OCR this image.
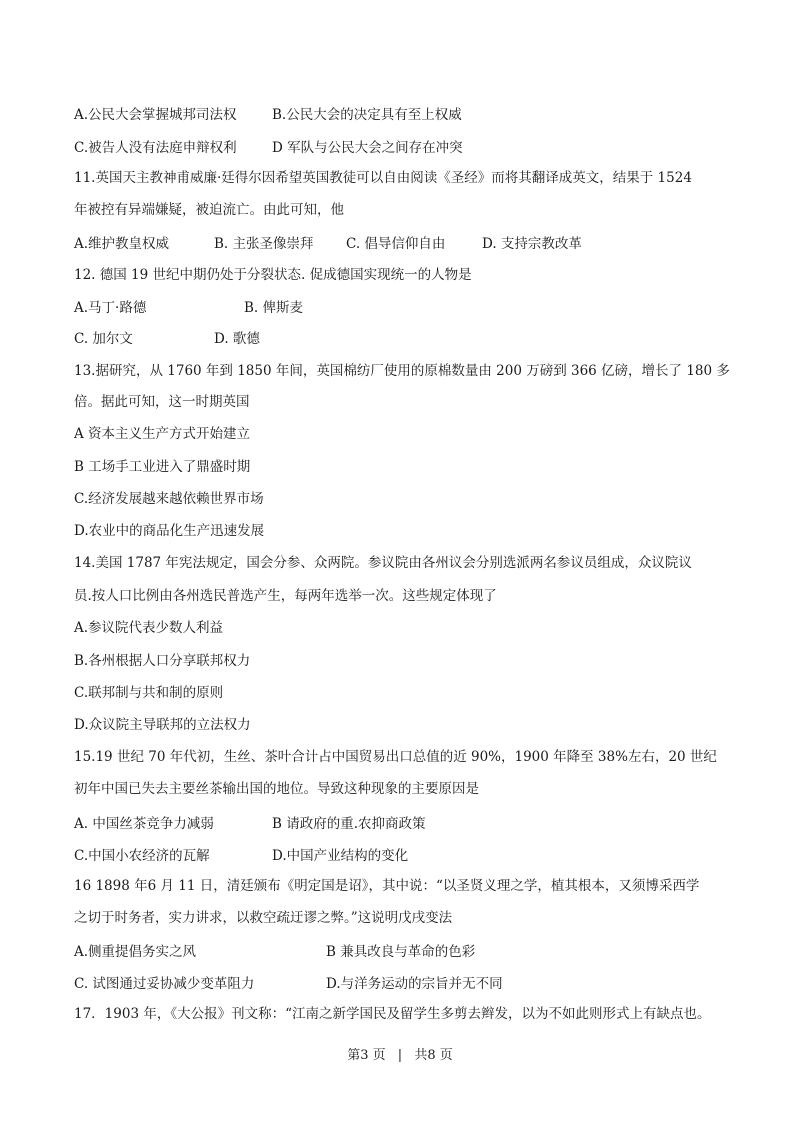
A.公民大会掌握城邦司法权	B.公民大会的决定具有至上权威
C.被告人没有法庭申辩权利	D 军队与公民大会之间存在冲突
11.英国天主教神甫威廉·廷得尔因希望英国教徒可以自由阅读《圣经》而将其翻译成英文，结果于 1524
年被控有异端嫌疑，被迫流亡。由此可知，他
A.维护教皇权威	B. 主张圣像崇拜 C. 倡导信仰自由	D. 支持宗教改革
12. 德国 19 世纪中期仍处于分裂状态. 促成德国实现统一的人物是
A.马丁·路德	B. 俾斯麦
C. 加尔文	D. 歌德
13.据研究，从 1760 年到 1850 年间，英国棉纺厂使用的原棉数量由 200 万磅到 366 亿磅，增长了 180 多
倍。据此可知，这一时期英国
A 资本主义生产方式开始建立
B 工场手工业进入了鼎盛时期
C.经济发展越来越依赖世界市场
D.农业中的商品化生产迅速发展
14.美国 1787 年宪法规定，国会分参、众两院。参议院由各州议会分别选派两名参议员组成，众议院议
员.按人口比例由各州选民普选产生，每两年选举一次。这些规定体现了
A.参议院代表少数人利益
B.各州根据人口分享联邦权力
C.联邦制与共和制的原则
D.众议院主导联邦的立法权力
15.19 世纪 70 年代初，生丝、茶叶合计占中国贸易出口总值的近 90%，1900 年降至 38%左右，20 世纪
初年中国已失去主要丝茶输出国的地位。导致这种现象的主要原因是
A. 中国丝茶竞争力减弱	B 请政府的重.农抑商政策
C.中国小农经济的瓦解	D.中国产业结构的变化
16 1898 年6 月 11 日，清廷颁布《明定国是诏》，其中说：“以圣贤义理之学，植其根本，又须博采西学
之切于时务者，实力讲求，以救空疏迂谬之弊。”这说明戊戌变法
A.侧重提倡务实之风	B 兼具改良与革命的色彩
C. 试图通过妥协减少变革阻力	D.与洋务运动的宗旨并无不同
17．1903 年，《大公报》刊文称：“江南之新学国民及留学生多剪去辫发，以为不如此则形式上有缺点也。
第3 页 | 共8 页
